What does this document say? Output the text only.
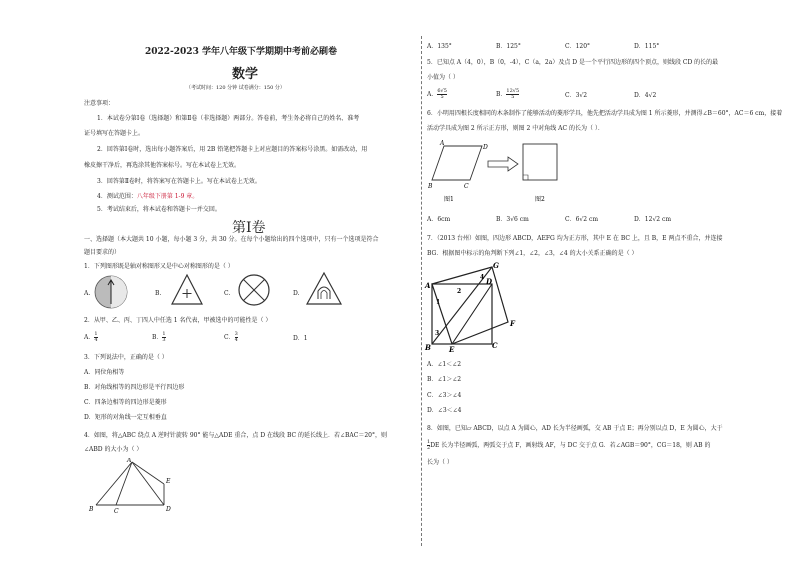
2022-2023 学年八年级下学期期中考前必刷卷
数学
（考试时间：120 分钟 试卷满分：150 分）
注意事项：
1．本试卷分第Ⅰ卷（选择题）和第Ⅱ卷（非选择题）两部分。答卷前，考生务必将自己的姓名、准考
证号填写在答题卡上。
2．回答第Ⅰ卷时，选出每小题答案后，用 2B 铅笔把答题卡上对应题目的答案标号涂黑。如需改动，用
橡皮擦干净后，再选涂其他答案标号。写在本试卷上无效。
3．回答第Ⅱ卷时，将答案写在答题卡上。写在本试卷上无效。
4．测试范围：八年级下册第 1-9 章。
5．考试结束后，将本试卷和答题卡一并交回。
第Ⅰ卷
一、选择题（本大题共 10 小题，每小题 3 分，共 30 分。在每个小题给出的四个选项中，只有一个选项是符合
题目要求的）
1．下列图形既是轴对称图形又是中心对称图形的是（ ）
A.	B.	C.	D.
2．从甲、乙、丙、丁四人中任选 1 名代表，甲被选中的可能性是（ ）
A． $\frac{1}{4}$	B． $\frac{1}{3}$	C． $\frac{3}{4}$	D．1
3．下列说法中，正确的是（ ）
A．同位角相等
B．对角线相等的四边形是平行四边形
C．四条边相等的四边形是菱形
D．矩形的对角线一定互相垂直
4．如图，将△ABC 绕点 A 逆时针旋转 90° 能与△ADE 重合，点 D 在线段 BC 的延长线上．若∠BAC＝20°，则
∠ABD 的大小为（ ）
A
B	C	D
E
A．135°	B．125°	C．120°	D．115°
5．已知点 A（4，0），B（0，-4），C（a，2a）及点 D 是一个平行四边形的四个顶点，则线段 CD 的长的最
小值为（ ）
A． $\frac{6√5}{5}$	B． $\frac{12√5}{5}$	C．3√2	D．4√2
6．小明用四根长度相同的木条制作了能够活动的菱形学具，他先把活动学具成为图 1 所示菱形，并测得∠B＝60°，AC＝6 cm，接着
活动学具成为图 2 所示正方形，则图 2 中对角线 AC 的长为（ ）．
A
B	C
D
图1	图2
A．6cm	B．3√6 cm	C．6√2 cm	D．12√2 cm
7．（2013 台州）如图，四边形 ABCD，AEFG 均为正方形，其中 E 在 BC 上，且 B，E 两点不重合，并连接
BG．根据图中标示的角判断下列∠1，∠2，∠3，∠4 的大小关系正确的是（ ）
A
B	C
D
E
F
G
1
2
3
4
A．∠1＜∠2
B．∠1＞∠2
C．∠3＞∠4
D．∠3＜∠4
8．如图，已知▱ ABCD，以点 A 为圆心，AD 长为半径画弧，交 AB 于点 E；再分别以点 D，E 为圆心，大于
$\frac{1}{2}$ DE 长为半径画弧，两弧交于点 F，画射线 AF，与 DC 交于点 G．若∠AGB＝90°，CG＝18，则 AB 的
长为（ ）
